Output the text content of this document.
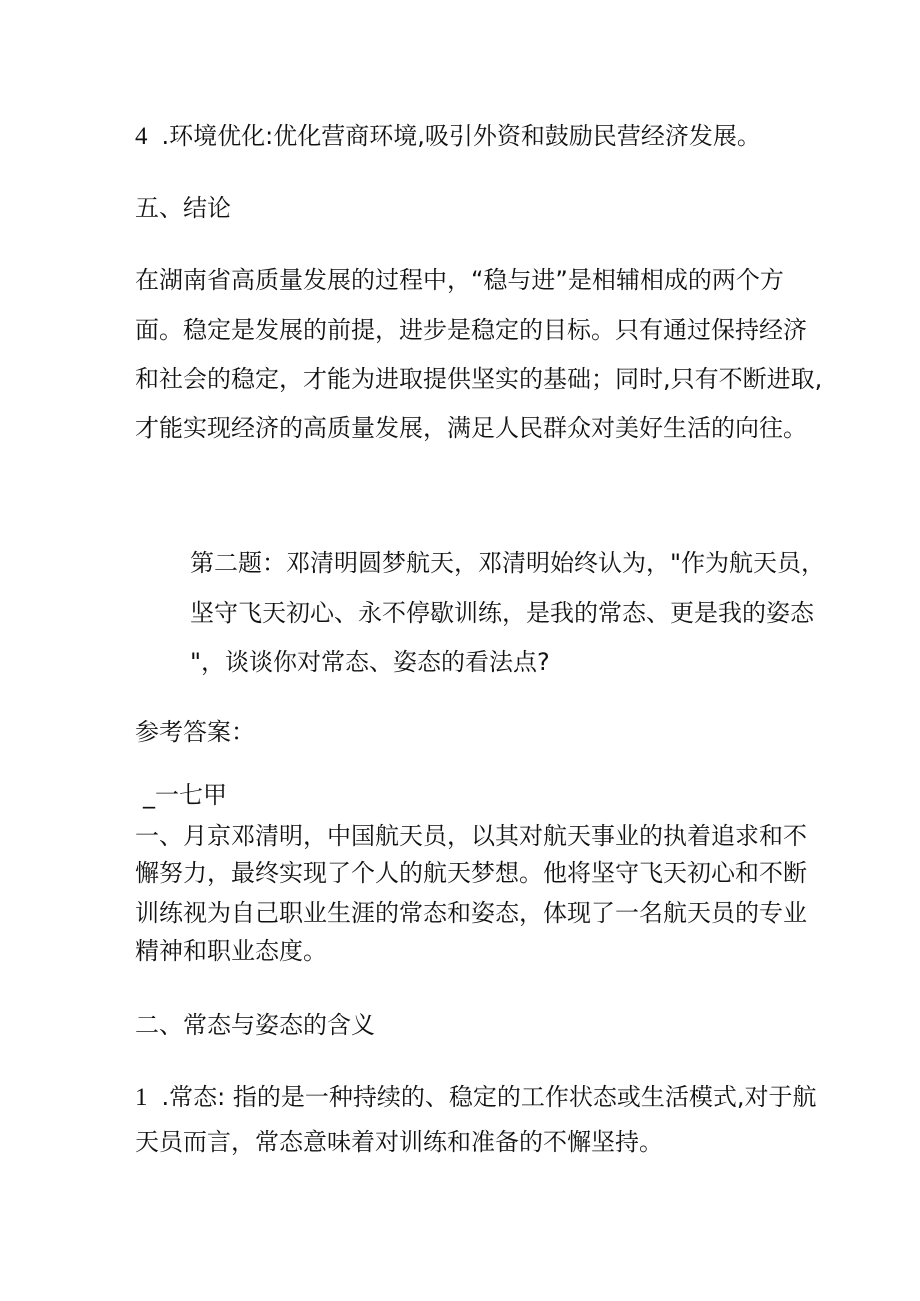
4 .环境优化:优化营商环境,吸引外资和鼓励民营经济发展。
五、结论
在湖南省高质量发展的过程中，“稳与进”是相辅相成的两个方
面。稳定是发展的前提，进步是稳定的目标。只有通过保持经济
和社会的稳定，才能为进取提供坚实的基础；同时,只有不断进取,
才能实现经济的高质量发展，满足人民群众对美好生活的向往。
第二题：邓清明圆梦航天，邓清明始终认为，"作为航天员，
坚守飞天初心、永不停歇训练，是我的常态、更是我的姿态
"，谈谈你对常态、姿态的看法点?
参考答案：
_一七甲
一、月京邓清明，中国航天员，以其对航天事业的执着追求和不
懈努力，最终实现了个人的航天梦想。他将坚守飞天初心和不断
训练视为自己职业生涯的常态和姿态，体现了一名航天员的专业
精神和职业态度。
二、常态与姿态的含义
1 .常态: 指的是一种持续的、稳定的工作状态或生活模式,对于航
天员而言，常态意味着对训练和准备的不懈坚持。
